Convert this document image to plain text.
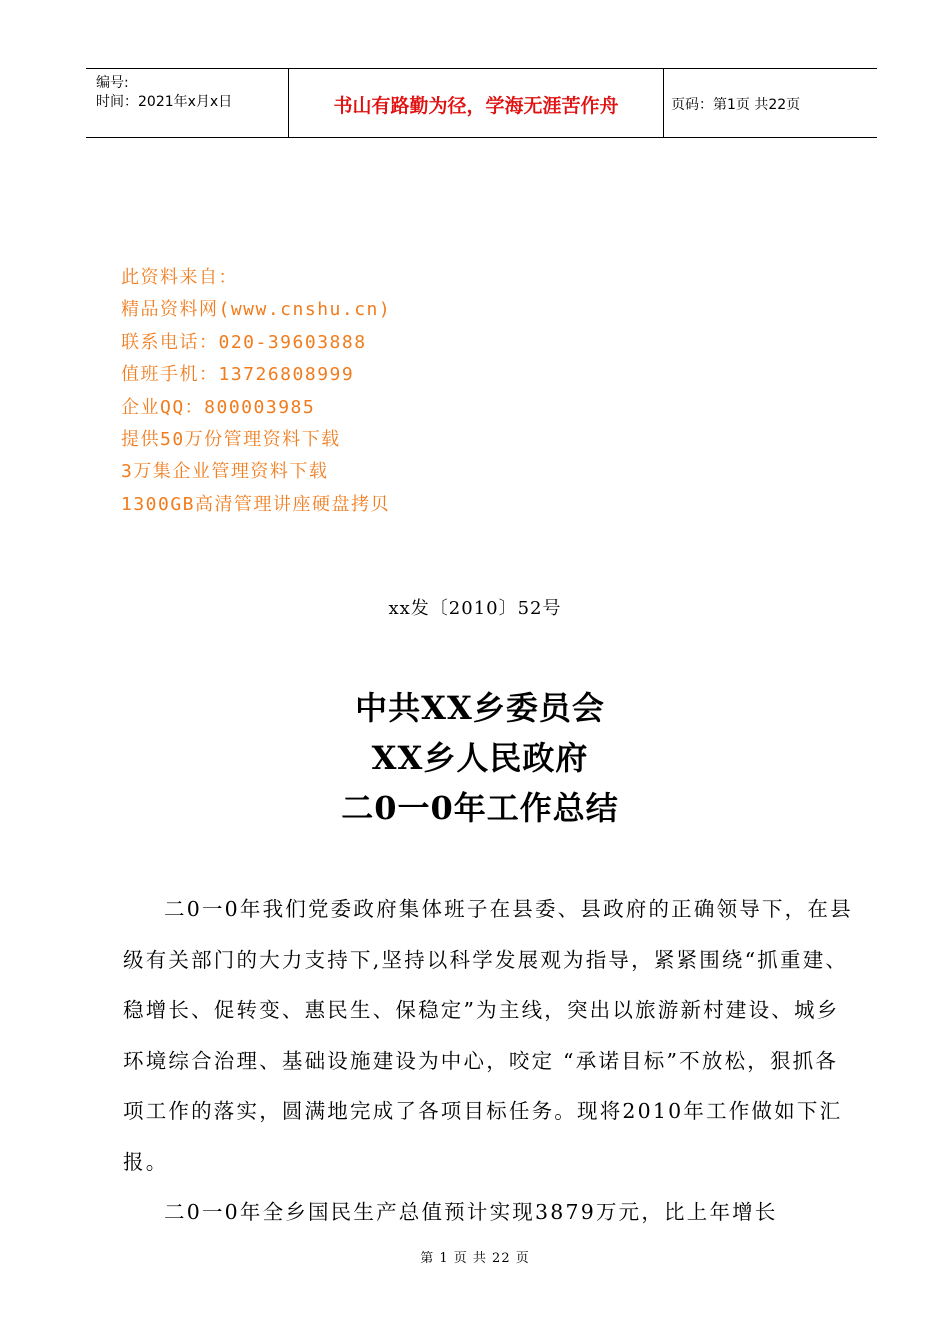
编号:
时间：2021年x月x日	书山有路勤为径，学海无涯苦作舟	页码：第1页 共22页
此资料来自：
精品资料网(www.cnshu.cn)
联系电话：020-39603888
值班手机：13726808999
企业QQ：800003985
提供50万份管理资料下载
3万集企业管理资料下载
1300GB高清管理讲座硬盘拷贝
xx发〔2010〕52号
中共XX乡委员会
XX乡人民政府
二0一0年工作总结

二0一0年我们党委政府集体班子在县委、县政府的正确领导下，在县级有关部门的大力支持下,坚持以科学发展观为指导，紧紧围绕“抓重建、稳增长、促转变、惠民生、保稳定”为主线，突出以旅游新村建设、城乡环境综合治理、基础设施建设为中心，咬定 “承诺目标”不放松，狠抓各项工作的落实，圆满地完成了各项目标任务。现将2010年工作做如下汇报。

二0一0年全乡国民生产总值预计实现3879万元，比上年增长

第 1 页 共 22 页
